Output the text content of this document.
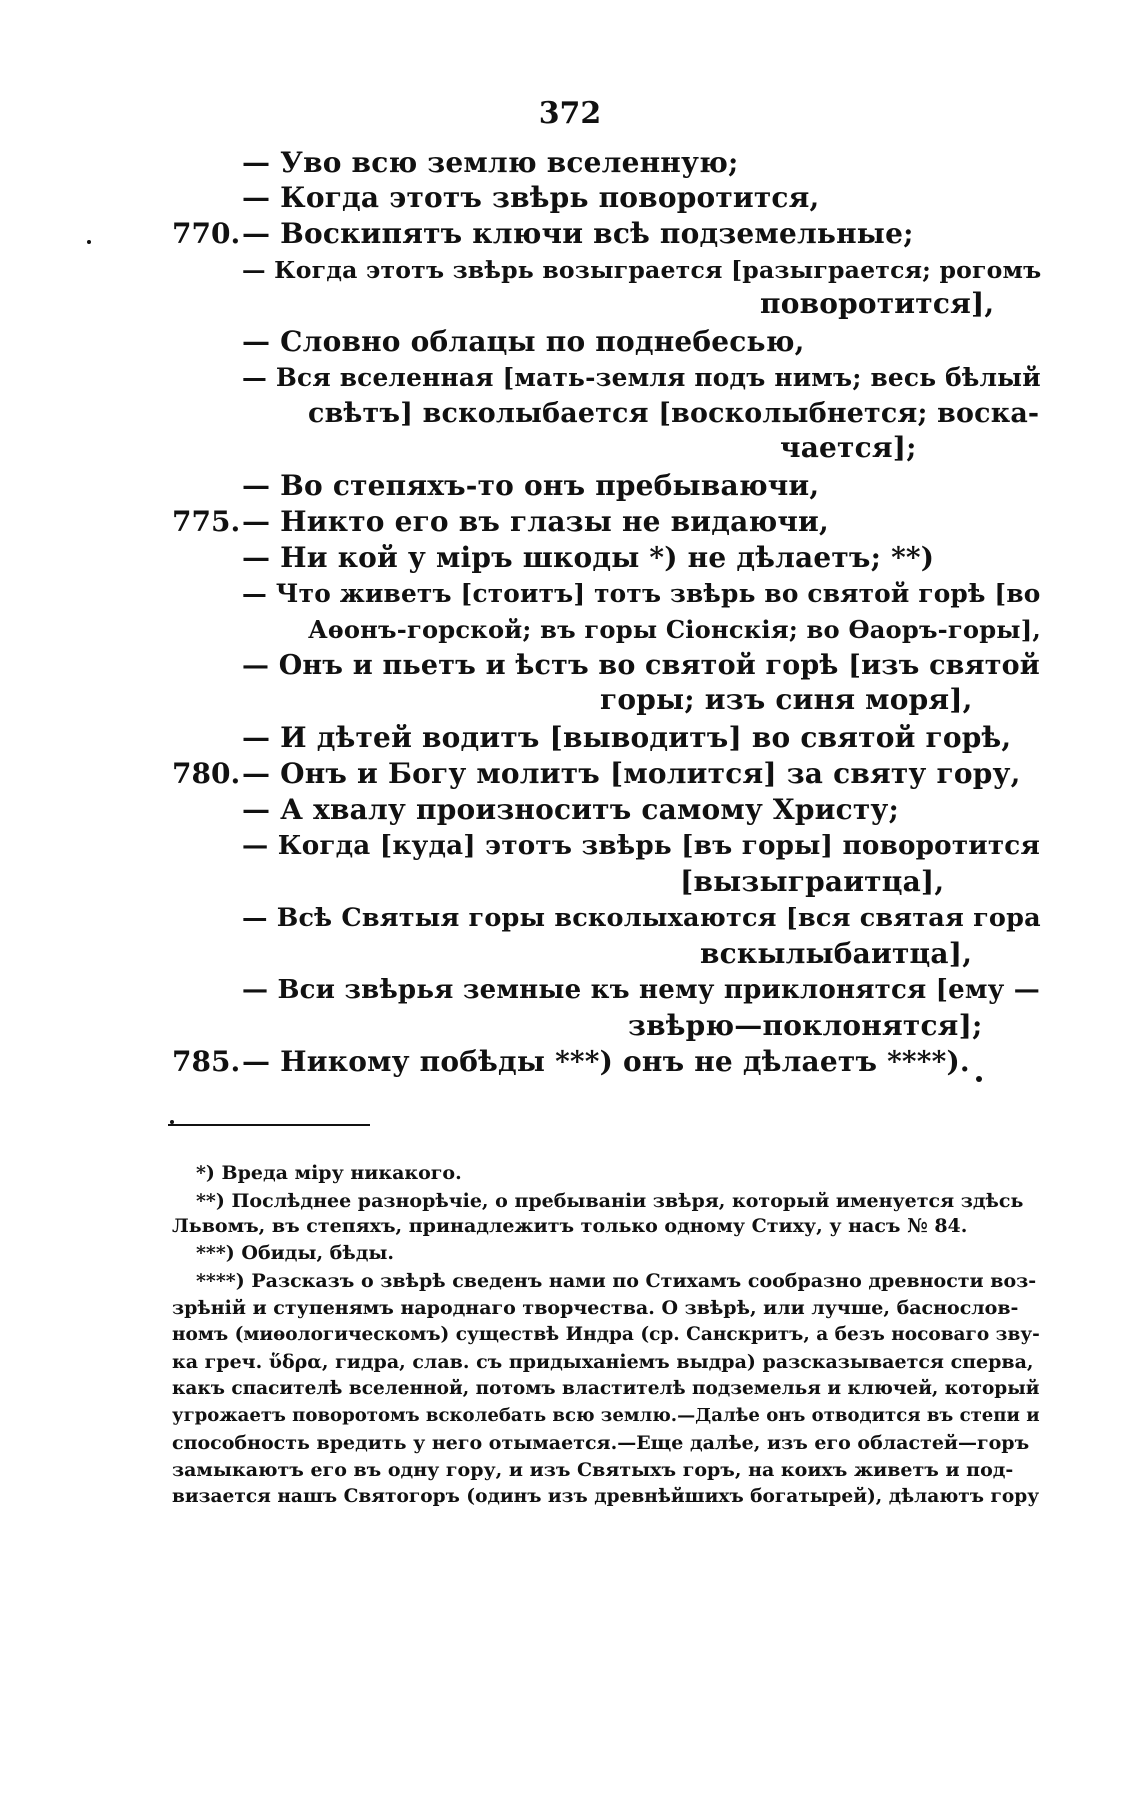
372
— Уво всю землю вселенную;
— Когда этотъ звѣрь поворотится,
770. — Воскипятъ ключи всѣ подземельные;
— Когда этотъ звѣрь возыграется [разыграется; рогомъ
поворотится],
— Словно облацы по поднебесью,
— Вся вселенная [мать-земля подъ нимъ; весь бѣлый
свѣтъ] всколыбается [восколыбнется; воска-
чается];
— Во степяхъ-то онъ пребываючи,
775. — Никто его въ глазы не видаючи,
— Ни кой у міръ шкоды *) не дѣлаетъ; **)
— Что живетъ [стоитъ] тотъ звѣрь во святой горѣ [во
Аѳонъ-горской; въ горы Сіонскія; во Ѳаоръ-горы],
— Онъ и пьетъ и ѣстъ во святой горѣ [изъ святой
горы; изъ синя моря],
— И дѣтей водитъ [выводитъ] во святой горѣ,
780. — Онъ и Богу молитъ [молится] за святу гору,
— А хвалу произноситъ самому Христу;
— Когда [куда] этотъ звѣрь [въ горы] поворотится
[вызыграитца],
— Всѣ Святыя горы всколыхаются [вся святая гора
вскылыбаитца],
— Вси звѣрья земные къ нему приклонятся [ему —
звѣрю—поклонятся];
785. — Никому побѣды ***) онъ не дѣлаетъ ****).
*) Вреда міру никакого.
**) Послѣднее разнорѣчіе, о пребываніи звѣря, который именуется здѣсь
Львомъ, въ степяхъ, принадлежитъ только одному Стиху, у насъ № 84.
***) Обиды, бѣды.
****) Разсказъ о звѣрѣ сведенъ нами по Стихамъ сообразно древности воз-
зрѣній и ступенямъ народнаго творчества. О звѣрѣ, или лучше, баснослов-
номъ (миѳологическомъ) существѣ Индра (ср. Санскритъ, а безъ носоваго зву-
ка греч. ὕδρα, гидра, слав. съ придыханіемъ выдра) разсказывается сперва,
какъ спасителѣ вселенной, потомъ властителѣ подземелья и ключей, который
угрожаетъ поворотомъ всколебать всю землю.—Далѣе онъ отводится въ степи и
способность вредить у него отымается.—Еще далѣе, изъ его областей—горъ
замыкаютъ его въ одну гору, и изъ Святыхъ горъ, на коихъ живетъ и под-
визается нашъ Святогоръ (одинъ изъ древнѣйшихъ богатырей), дѣлаютъ гору
